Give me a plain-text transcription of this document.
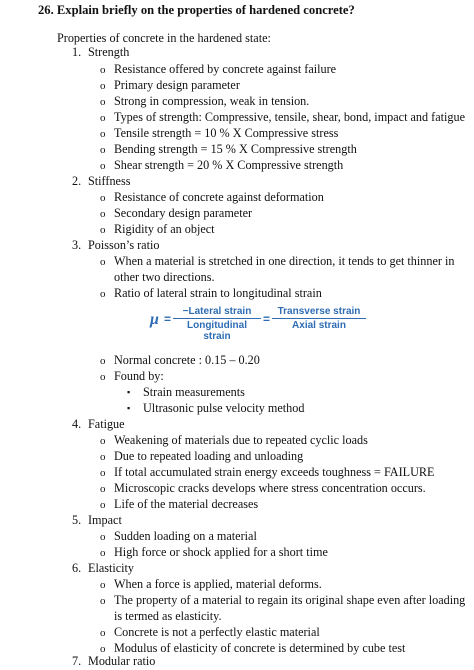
26. Explain briefly on the properties of hardened concrete?
Properties of concrete in the hardened state:
1. Strength
o Resistance offered by concrete against failure
o Primary design parameter
o Strong in compression, weak in tension.
o Types of strength: Compressive, tensile, shear, bond, impact and fatigue
o Tensile strength = 10 % X Compressive stress
o Bending strength = 15 % X Compressive strength
o Shear strength = 20 % X Compressive strength
2. Stiffness
o Resistance of concrete against deformation
o Secondary design parameter
o Rigidity of an object
3. Poisson’s ratio
o When a material is stretched in one direction, it tends to get thinner in
other two directions.
o Ratio of lateral strain to longitudinal strain
μ =
−Lateral strain
Longitudinal strain
=
Transverse strain
Axial strain
o Normal concrete : 0.15 – 0.20
o Found by:
▪ Strain measurements
▪ Ultrasonic pulse velocity method
4. Fatigue
o Weakening of materials due to repeated cyclic loads
o Due to repeated loading and unloading
o If total accumulated strain energy exceeds toughness = FAILURE
o Microscopic cracks develops where stress concentration occurs.
o Life of the material decreases
5. Impact
o Sudden loading on a material
o High force or shock applied for a short time
6. Elasticity
o When a force is applied, material deforms.
o The property of a material to regain its original shape even after loading
is termed as elasticity.
o Concrete is not a perfectly elastic material
o Modulus of elasticity of concrete is determined by cube test
7. Modular ratio
